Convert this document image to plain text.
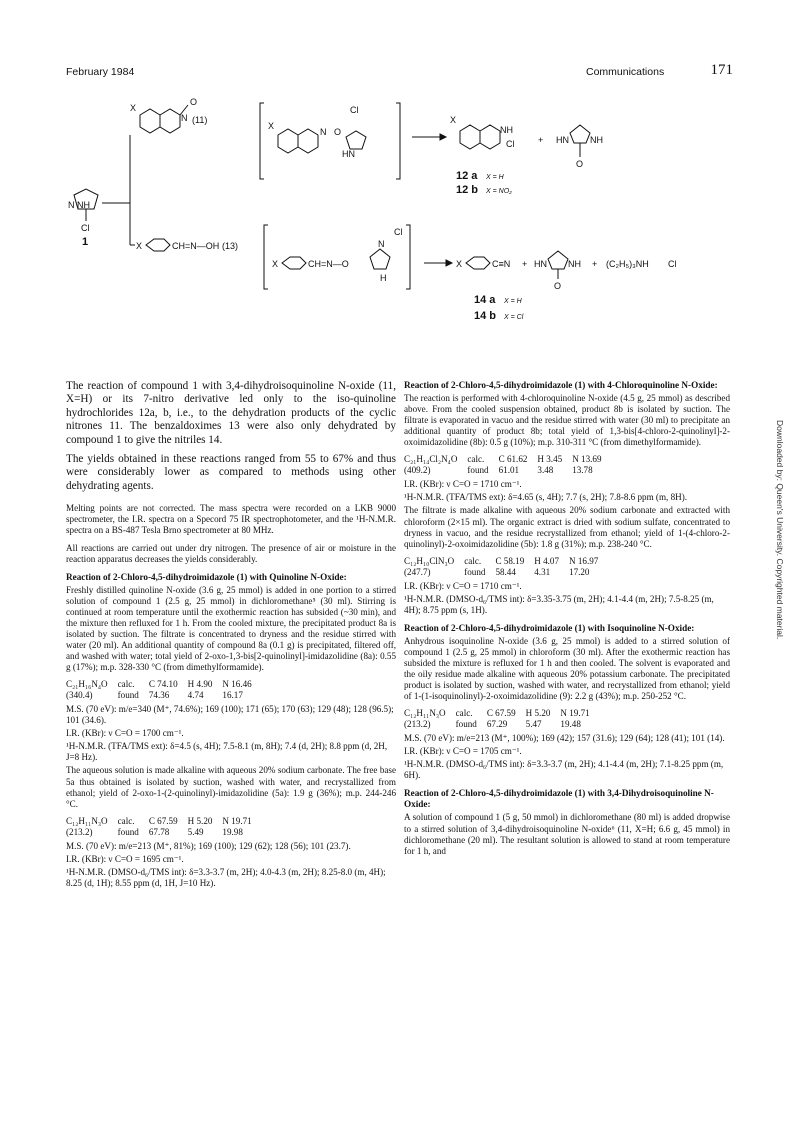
February 1984	Communications	171
Downloaded by: Queen's University. Copyrighted material.
N NH
Cl
1
X
N
O
(11)
X
N O
HN
Cl
X
NH
Cl	+ HN NH
O
12 a X = H
12 b X = NO₂
X	CH=N—OH (13)
X	CH=N—O
N
H
Cl
X	C≡N + HN NH
O
+ (C₂H₅)₃NH Cl
14 a X = H
14 b X = Cl

The reaction of compound 1 with 3,4-dihydroisoquinoline N-oxide (11, X=H) or its 7-nitro derivative led only to the iso-quinoline hydrochlorides 12a, b, i.e., to the dehydration products of the cyclic nitrones 11. The benzaldoximes 13 were also only dehydrated by compound 1 to give the nitriles 14.

The yields obtained in these reactions ranged from 55 to 67% and thus were considerably lower as compared to methods using other dehydrating agents.

Melting points are not corrected. The mass spectra were recorded on a LKB 9000 spectrometer, the I.R. spectra on a Specord 75 IR spectrophotometer, and the ¹H-N.M.R. spectra on a BS-487 Tesla Brno spectrometer at 80 MHz.

All reactions are carried out under dry nitrogen. The presence of air or moisture in the reaction apparatus decreases the yields considerably.

Reaction of 2-Chloro-4,5-dihydroimidazole (1) with Quinoline N-Oxide:

Freshly distilled quinoline N-oxide (3.6 g, 25 mmol) is added in one portion to a stirred solution of compound 1 (2.5 g, 25 mmol) in dichloromethane⁵ (30 ml). Stirring is continued at room temperature until the exothermic reaction has subsided (~30 min), and the mixture then refluxed for 1 h. From the cooled mixture, the precipitated product 8a is isolated by suction. The filtrate is concentrated to dryness and the residue stirred with water (20 ml). An additional quantity of compound 8a (0.1 g) is precipitated, filtered off, and washed with water; total yield of 2-oxo-1,3-bis[2-quinolinyl]-imidazolidine (8a): 0.55 g (17%); m.p. 328-330 °C (from dimethylformamide).

C₂₁H₁₆N₄O	calc.	C 74.10	H 4.90	N 16.46
(340.4)	found	74.36	4.74	16.17
M.S. (70 eV): m/e=340 (M⁺, 74.6%); 169 (100); 171 (65); 170 (63); 129 (48); 128 (96.5); 101 (34.6).
I.R. (KBr): ν C=O = 1700 cm⁻¹.
¹H-N.M.R. (TFA/TMS ext): δ=4.5 (s, 4H); 7.5-8.1 (m, 8H); 7.4 (d, 2H); 8.8 ppm (d, 2H, J=8 Hz).

The aqueous solution is made alkaline with aqueous 20% sodium carbonate. The free base 5a thus obtained is isolated by suction, washed with water, and recrystallized from ethanol; yield of 2-oxo-1-(2-quinolinyl)-imidazolidine (5a): 1.9 g (36%); m.p. 244-246 °C.

C₁₂H₁₁N₃O	calc.	C 67.59	H 5.20	N 19.71
(213.2)	found	67.78	5.49	19.98
M.S. (70 eV): m/e=213 (M⁺, 81%); 169 (100); 129 (62); 128 (56); 101 (23.7).
I.R. (KBr): ν C=O = 1695 cm⁻¹.
¹H-N.M.R. (DMSO-d₆/TMS int): δ=3.3-3.7 (m, 2H); 4.0-4.3 (m, 2H); 8.25-8.0 (m, 4H); 8.25 (d, 1H); 8.55 ppm (d, 1H, J=10 Hz).
Reaction of 2-Chloro-4,5-dihydroimidazole (1) with 4-Chloroquinoline N-Oxide:

The reaction is performed with 4-chloroquinoline N-oxide (4.5 g, 25 mmol) as described above. From the cooled suspension obtained, product 8b is isolated by suction. The filtrate is evaporated in vacuo and the residue stirred with water (30 ml) to precipitate an additional quantity of product 8b; total yield of 1,3-bis[4-chloro-2-quinolinyl]-2-oxoimidazolidine (8b): 0.5 g (10%); m.p. 310-311 °C (from dimethylformamide).

C₂₁H₁₄Cl₂N₄O	calc.	C 61.62	H 3.45	N 13.69
(409.2)	found	61.01	3.48	13.78
I.R. (KBr): ν C=O = 1710 cm⁻¹.
¹H-N.M.R. (TFA/TMS ext): δ=4.65 (s, 4H); 7.7 (s, 2H); 7.8-8.6 ppm (m, 8H).

The filtrate is made alkaline with aqueous 20% sodium carbonate and extracted with chloroform (2×15 ml). The organic extract is dried with sodium sulfate, concentrated to dryness in vacuo, and the residue recrystallized from ethanol; yield of 1-(4-chloro-2-quinolinyl)-2-oxoimidazolidine (5b): 1.8 g (31%); m.p. 238-240 °C.

C₁₂H₁₀ClN₃O	calc.	C 58.19	H 4.07	N 16.97
(247.7)	found	58.44	4.31	17.20
I.R. (KBr): ν C=O = 1710 cm⁻¹.
¹H-N.M.R. (DMSO-d₆/TMS int): δ=3.35-3.75 (m, 2H); 4.1-4.4 (m, 2H); 7.5-8.25 (m, 4H); 8.75 ppm (s, 1H).
Reaction of 2-Chloro-4,5-dihydroimidazole (1) with Isoquinoline N-Oxide:

Anhydrous isoquinoline N-oxide (3.6 g, 25 mmol) is added to a stirred solution of compound 1 (2.5 g, 25 mmol) in chloroform (30 ml). After the exothermic reaction has subsided the mixture is refluxed for 1 h and then cooled. The solvent is evaporated and the oily residue made alkaline with aqueous 20% potassium carbonate. The precipitated product is isolated by suction, washed with water, and recrystallized from ethanol; yield of 1-(1-isoquinolinyl)-2-oxoimidazolidine (9): 2.2 g (43%); m.p. 250-252 °C.

C₁₂H₁₁N₃O	calc.	C 67.59	H 5.20	N 19.71
(213.2)	found	67.29	5.47	19.48
M.S. (70 eV): m/e=213 (M⁺, 100%); 169 (42); 157 (31.6); 129 (64); 128 (41); 101 (14).
I.R. (KBr): ν C=O = 1705 cm⁻¹.
¹H-N.M.R. (DMSO-d₆/TMS int): δ=3.3-3.7 (m, 2H); 4.1-4.4 (m, 2H); 7.1-8.25 ppm (m, 6H).
Reaction of 2-Chloro-4,5-dihydroimidazole (1) with 3,4-Dihydroisoquinoline N-Oxide:

A solution of compound 1 (5 g, 50 mmol) in dichloromethane (80 ml) is added dropwise to a stirred solution of 3,4-dihydroisoquinoline N-oxide⁶ (11, X=H; 6.6 g, 45 mmol) in dichloromethane (20 ml). The resultant solution is allowed to stand at room temperature for 1 h, and
